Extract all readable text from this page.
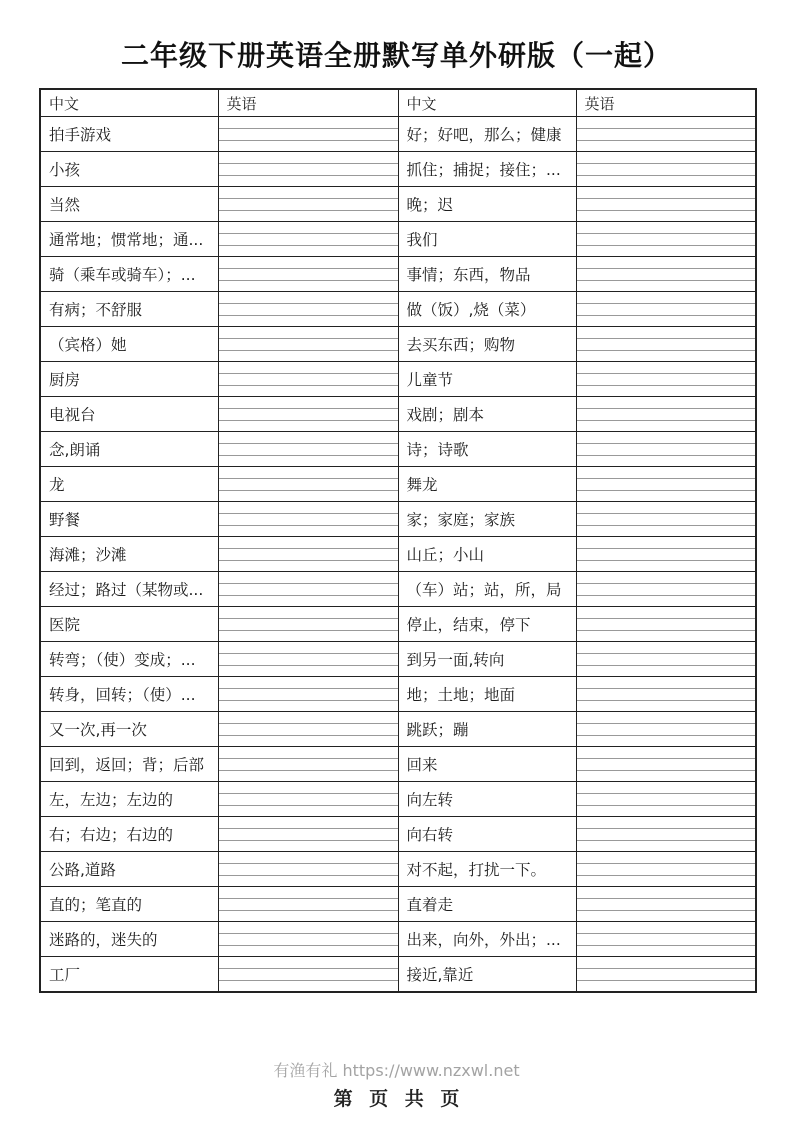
二年级下册英语全册默写单外研版（一起）
中文	英语	中文	英语
拍手游戏		好；好吧，那么；健康	

小孩		抓住；捕捉；接住；...	

当然		晚；迟	

通常地；惯常地；通...		我们	

骑（乘车或骑车）；...		事情；东西，物品	

有病；不舒服		做（饭）,烧（菜）	

（宾格）她		去买东西；购物	

厨房		儿童节	

电视台		戏剧；剧本	

念,朗诵		诗；诗歌	

龙		舞龙	

野餐		家；家庭；家族	

海滩；沙滩		山丘；小山	

经过；路过（某物或...		（车）站；站，所，局	

医院		停止，结束，停下	

转弯；（使）变成；...		到另一面,转向	

转身，回转；（使）...		地；土地；地面	

又一次,再一次		跳跃；蹦	

回到，返回；背；后部		回来	

左，左边；左边的		向左转	

右；右边；右边的		向右转	

公路,道路		对不起，打扰一下。	

直的；笔直的		直着走	

迷路的，迷失的		出来，向外，外出；...	

工厂		接近,靠近	
有渔有礼 https://www.nzxwl.net
第 页 共 页
